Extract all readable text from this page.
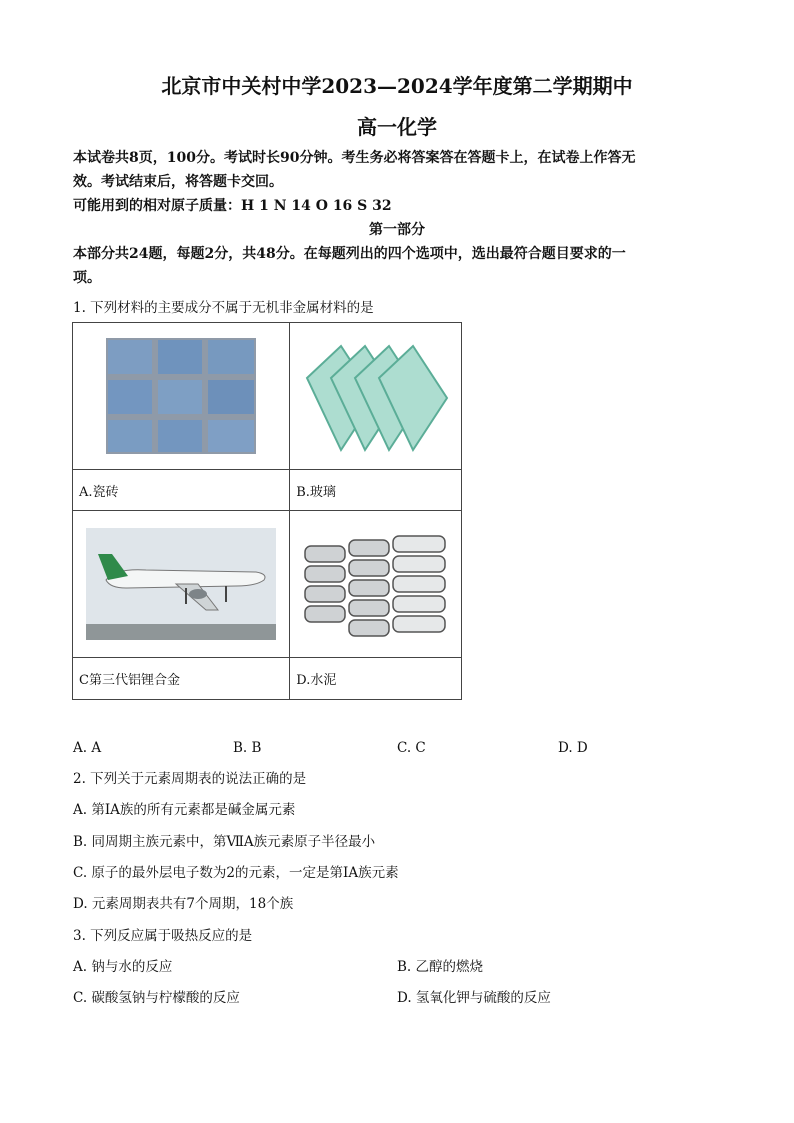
北京市中关村中学2023—2024学年度第二学期期中
高一化学
本试卷共8页，100分。考试时长90分钟。考生务必将答案答在答题卡上，在试卷上作答无
效。考试结束后，将答题卡交回。
可能用到的相对原子质量：H 1 N 14 O 16 S 32
第一部分
本部分共24题，每题2分，共48分。在每题列出的四个选项中，选出最符合题目要求的一
项。
1. 下列材料的主要成分不属于无机非金属材料的是

A.瓷砖	B.玻璃

C第三代铝锂合金	D.水泥
A. A	B. B	C. C	D. D
2. 下列关于元素周期表的说法正确的是
A. 第ⅠA族的所有元素都是碱金属元素
B. 同周期主族元素中，第ⅦA族元素原子半径最小
C. 原子的最外层电子数为2的元素，一定是第ⅠA族元素
D. 元素周期表共有7个周期，18个族
3. 下列反应属于吸热反应的是
A. 钠与水的反应	B. 乙醇的燃烧
C. 碳酸氢钠与柠檬酸的反应	D. 氢氧化钾与硫酸的反应
